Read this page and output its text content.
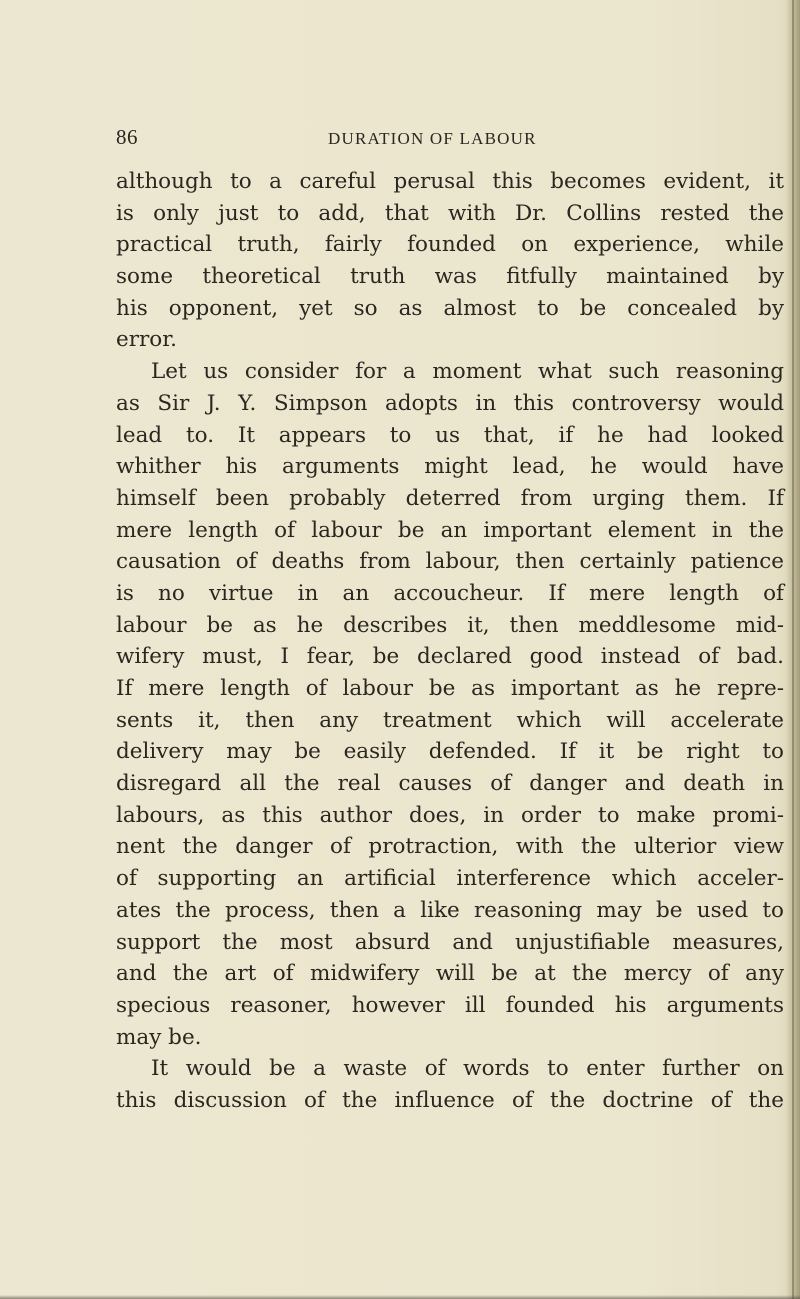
86	DURATION OF LABOUR
although to a careful perusal this becomes evident, it
is only just to add, that with Dr. Collins rested the
practical truth, fairly founded on experience, while
some theoretical truth was fitfully maintained by
his opponent, yet so as almost to be concealed by
error.
Let us consider for a moment what such reasoning
as Sir J. Y. Simpson adopts in this controversy would
lead to. It appears to us that, if he had looked
whither his arguments might lead, he would have
himself been probably deterred from urging them. If
mere length of labour be an important element in the
causation of deaths from labour, then certainly patience
is no virtue in an accoucheur. If mere length of
labour be as he describes it, then meddlesome mid-
wifery must, I fear, be declared good instead of bad.
If mere length of labour be as important as he repre-
sents it, then any treatment which will accelerate
delivery may be easily defended. If it be right to
disregard all the real causes of danger and death in
labours, as this author does, in order to make promi-
nent the danger of protraction, with the ulterior view
of supporting an artificial interference which acceler-
ates the process, then a like reasoning may be used to
support the most absurd and unjustifiable measures,
and the art of midwifery will be at the mercy of any
specious reasoner, however ill founded his arguments
may be.
It would be a waste of words to enter further on
this discussion of the influence of the doctrine of the
